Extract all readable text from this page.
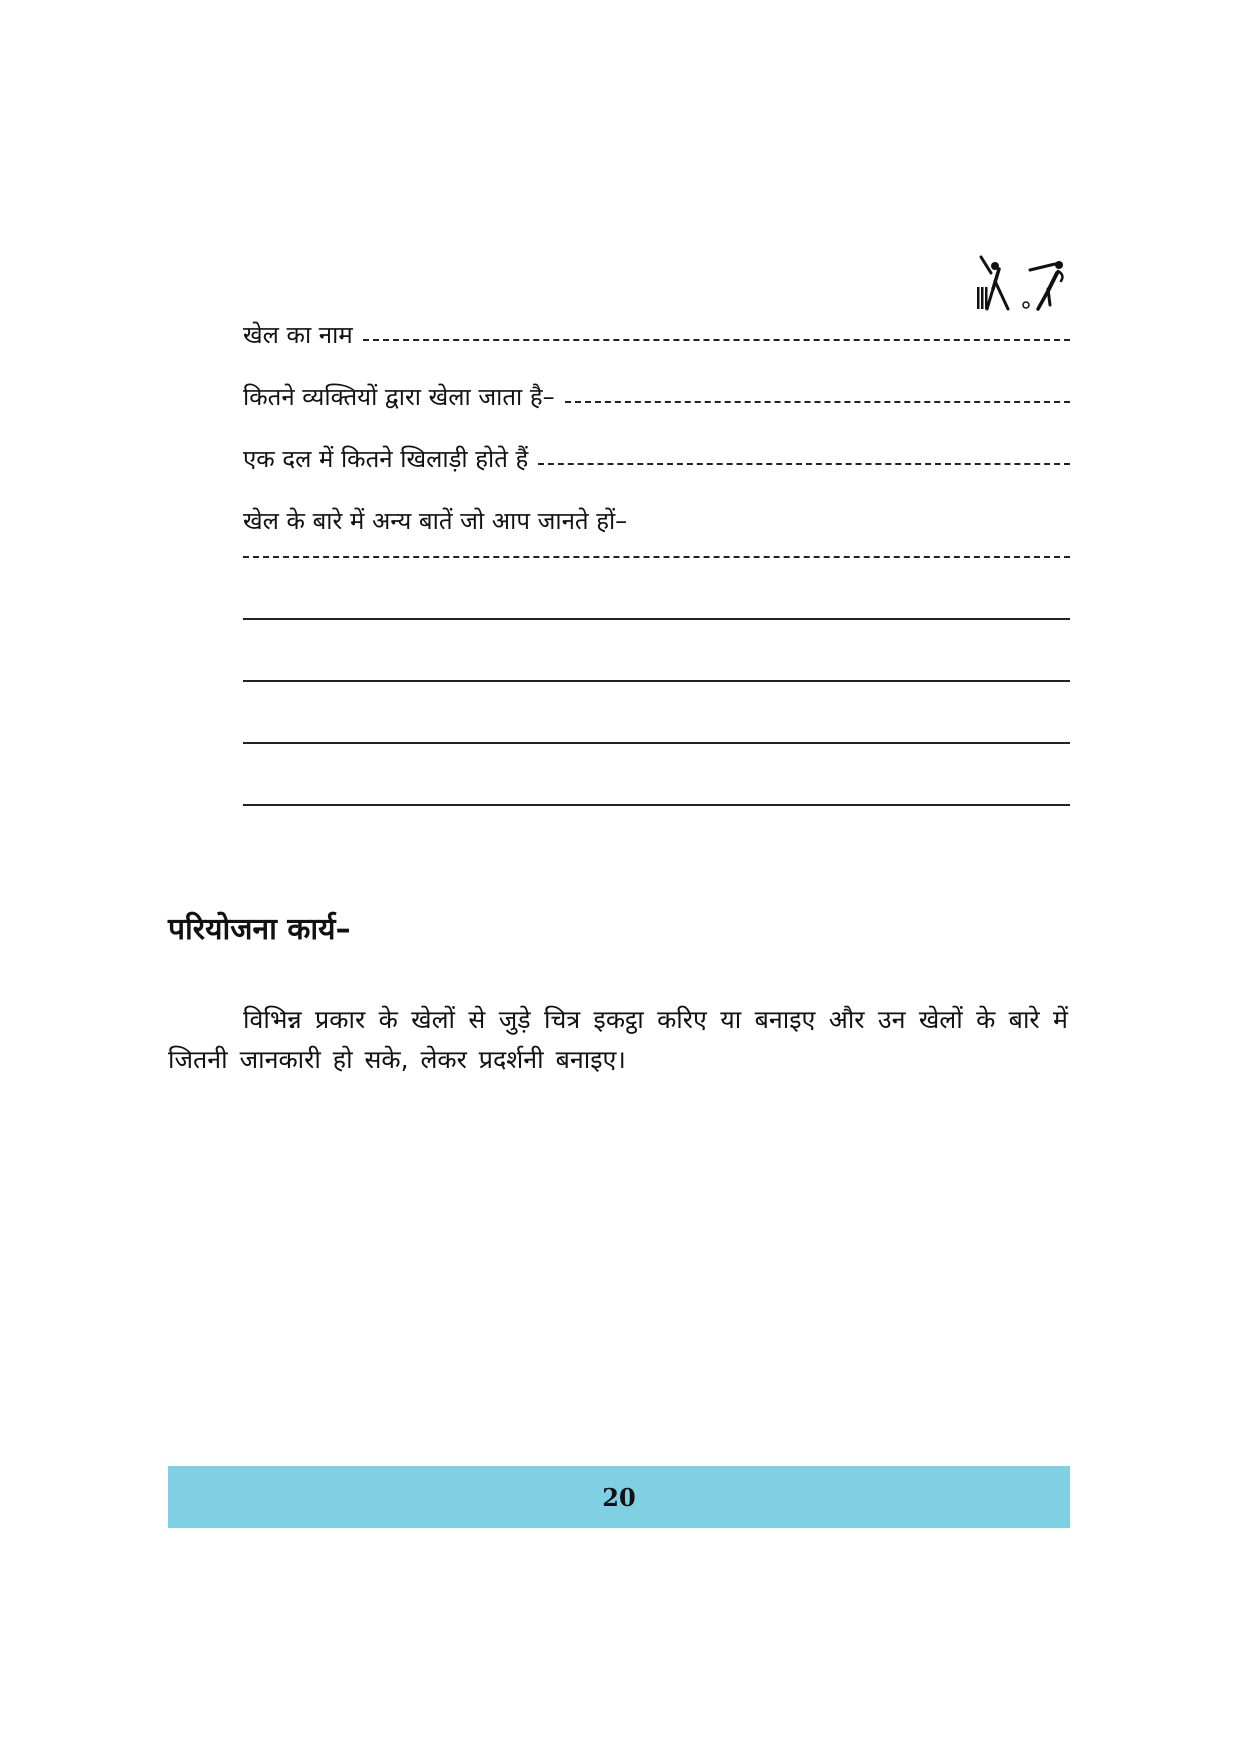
खेल का नाम
कितने व्यक्तियों द्वारा खेला जाता है–
एक दल में कितने खिलाड़ी होते हैं
खेल के बारे में अन्य बातें जो आप जानते हों–
परियोजना कार्य–

विभिन्न प्रकार के खेलों से जुड़े चित्र इकट्ठा करिए या बनाइए और उन खेलों के बारे में जितनी जानकारी हो सके, लेकर प्रदर्शनी बनाइए।

20
